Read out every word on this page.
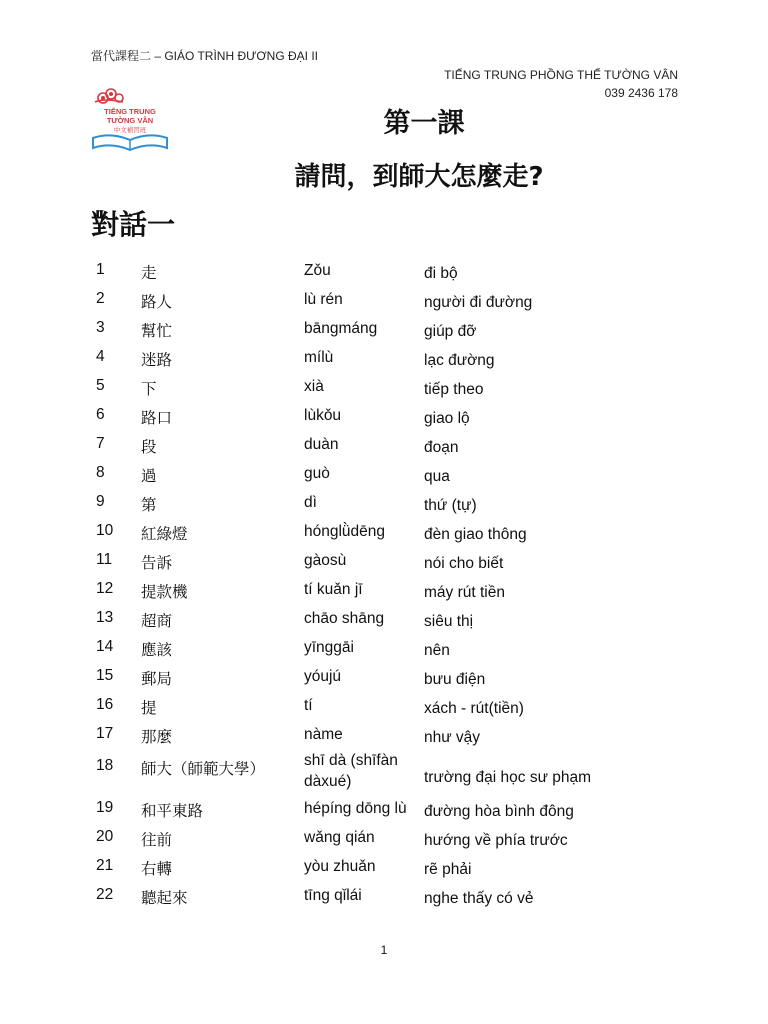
當代課程二 – GIÁO TRÌNH ĐƯƠNG ĐẠI II
TIẾNG TRUNG PHỒNG THỂ TƯỜNG VÂN
039 2436 178
TIẾNG TRUNG
TƯỜNG VÂN
中文補習班	第一課
請問，到師大怎麼走?
對話一
1 走	Zǒu	đi bộ
2 路人	lù rén	người đi đường
3 幫忙	bāngmáng	giúp đỡ
4 迷路	mílù	lạc đường
5 下	xià	tiếp theo
6 路口	lùkǒu	giao lộ
7 段	duàn	đoạn
8 過	guò	qua
9 第	dì	thứ (tự)
10 紅綠燈	hónglǜdēng	đèn giao thông
11 告訴	gàosù	nói cho biết
12 提款機	tí kuǎn jī	máy rút tiền
13 超商	chāo shāng	siêu thị
14 應該	yīnggāi	nên
15 郵局	yóujú	bưu điện
16 提	tí	xách - rút(tiền)
17 那麼	nàme	như vậy
18 師大（師範大學）	shī dà (shīfàn dàxué)	trường đại học sư phạm
19 和平東路	hépíng dōng lù	đường hòa bình đông
20 往前	wǎng qián	hướng về phía trước
21 右轉	yòu zhuǎn	rẽ phải
22 聽起來	tīng qǐlái	nghe thấy có vẻ
1
